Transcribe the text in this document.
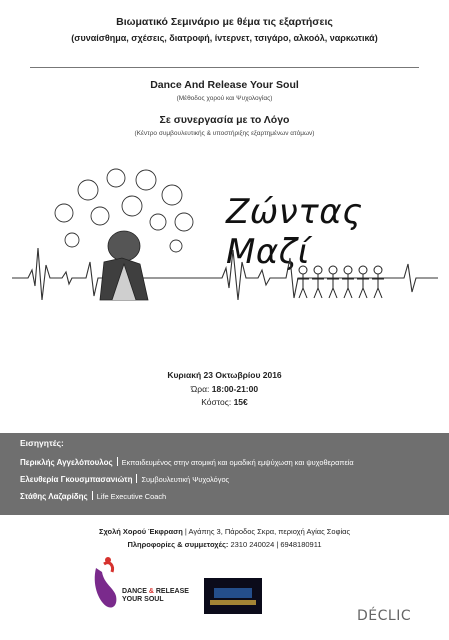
Βιωματικό Σεμινάριο με θέμα τις εξαρτήσεις
(συναίσθημα, σχέσεις, διατροφή, ίντερνετ, τσιγάρο, αλκοόλ, ναρκωτικά)
Dance And Release Your Soul
(Μέθοδος χορού και Ψυχολογίας)
Σε συνεργασία με το Λόγο
(Κέντρο συμβουλευτικής & υποστήριξης εξαρτημένων ατόμων)
Ζώντας Μαζί
Κυριακή 23 Οκτωβρίου 2016
Ώρα: 18:00-21:00
Κόστος: 15€
Εισηγητές:
Περικλής Αγγελόπουλος Εκπαιδευμένος στην ατομική και ομαδική εμψύχωση και ψυχοθεραπεία
Ελευθερία Γκουσμπασανιώτη Συμβουλευτική Ψυχολόγος
Στάθης Λαζαρίδης Life Executive Coach
Σχολή Χορού Έκφραση | Αγάπης 3, Πάροδος Σκρα, περιοχή Αγίας Σοφίας
Πληροφορίες & συμμετοχές: 2310 240024 | 6948180911
DANCE & RELEASE
YOUR SOUL
DÉCLIC
